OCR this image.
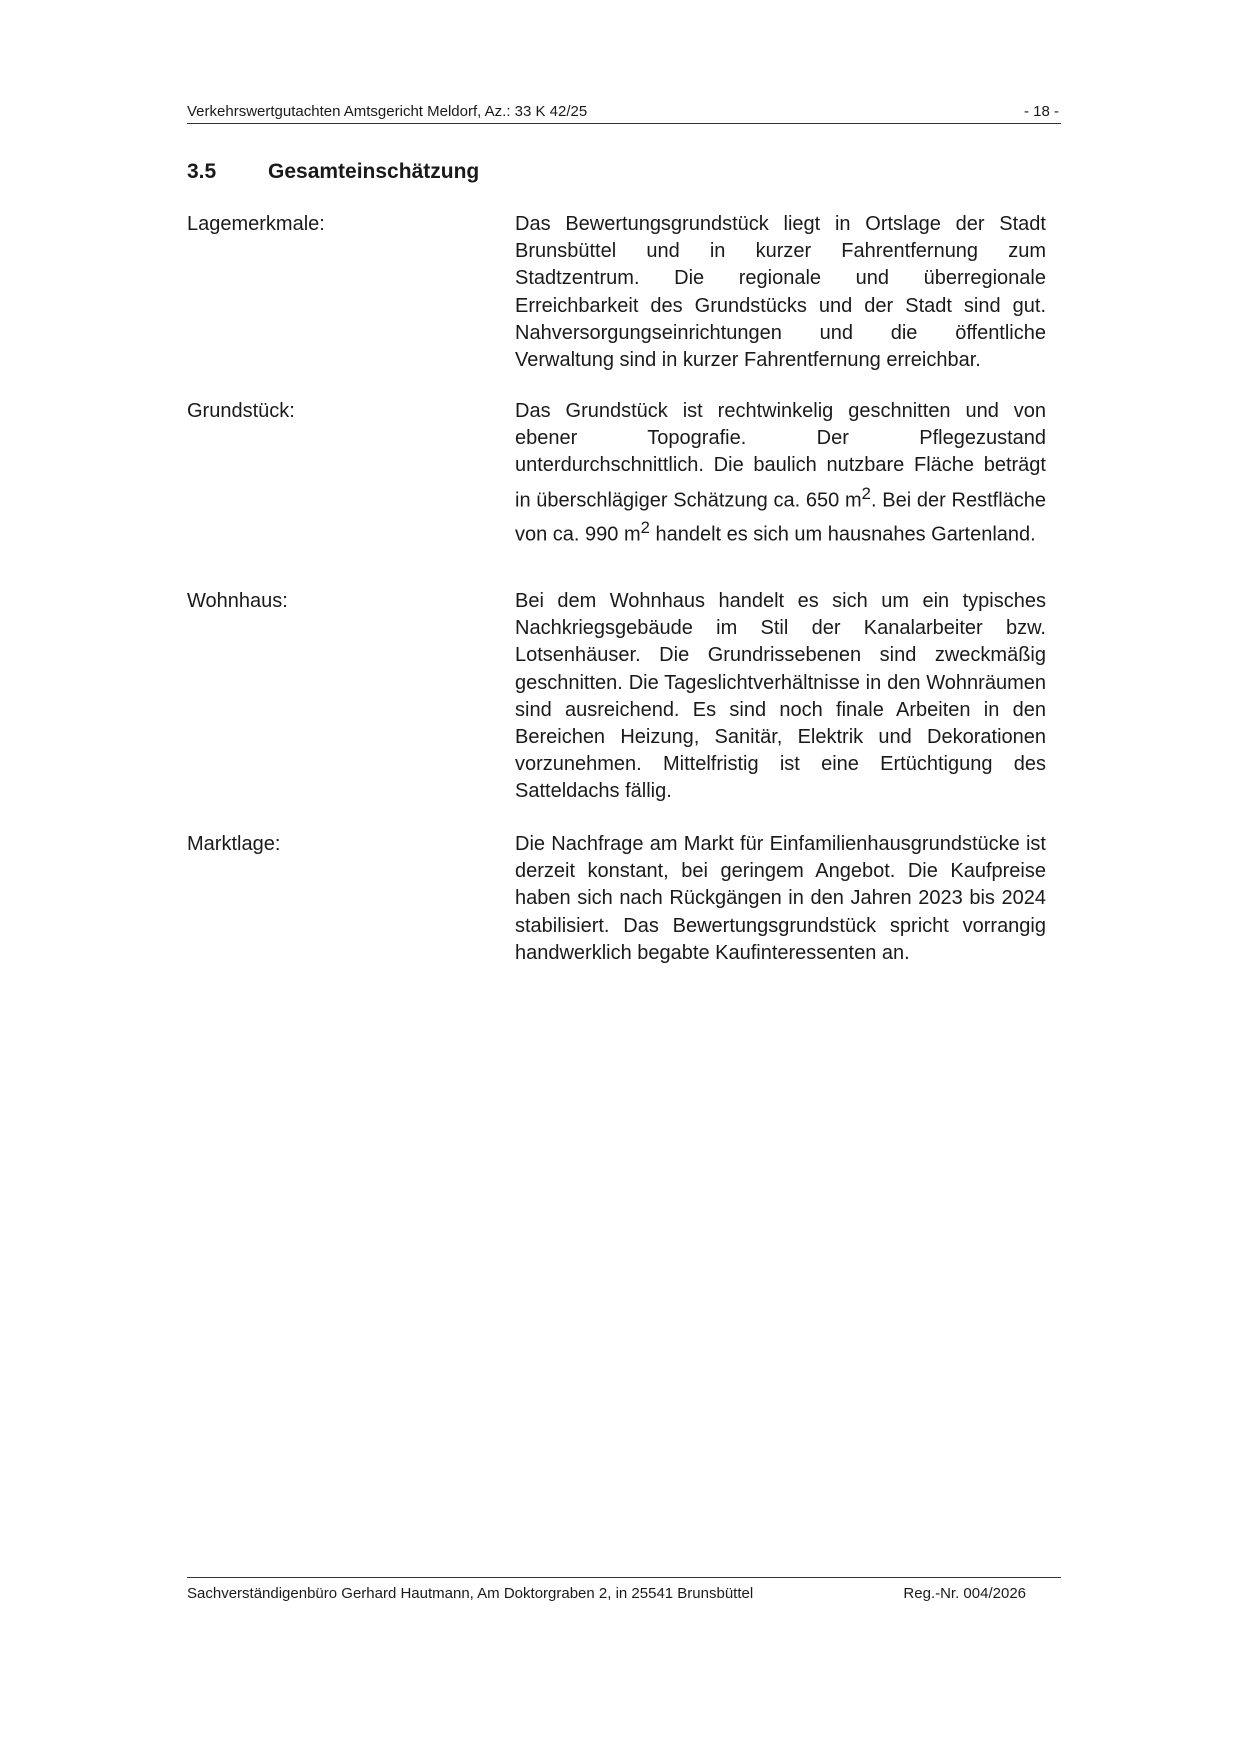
Verkehrswertgutachten Amtsgericht Meldorf, Az.: 33 K 42/25	- 18 -
3.5	Gesamteinschätzung
Lagemerkmale:	Das Bewertungsgrundstück liegt in Ortslage der Stadt Brunsbüttel und in kurzer Fahrentfernung zum Stadtzentrum. Die regionale und überregionale Erreichbarkeit des Grundstücks und der Stadt sind gut. Nahversorgungseinrichtungen und die öffentliche Verwaltung sind in kurzer Fahrentfernung erreichbar.
Grundstück:	Das Grundstück ist rechtwinkelig geschnitten und von ebener Topografie. Der Pflegezustand unterdurchschnittlich. Die baulich nutzbare Fläche beträgt in überschlägiger Schätzung ca. 650 $m^2$. Bei der Restfläche von ca. 990 $m^2$ handelt es sich um hausnahes Gartenland.
Wohnhaus:	Bei dem Wohnhaus handelt es sich um ein typisches Nachkriegsgebäude im Stil der Kanalarbeiter bzw. Lotsenhäuser. Die Grundrissebenen sind zweckmäßig geschnitten. Die Tageslichtverhältnisse in den Wohnräumen sind ausreichend. Es sind noch finale Arbeiten in den Bereichen Heizung, Sanitär, Elektrik und Dekorationen vorzunehmen. Mittelfristig ist eine Ertüchtigung des Satteldachs fällig.
Marktlage:	Die Nachfrage am Markt für Einfamilienhausgrundstücke ist derzeit konstant, bei geringem Angebot. Die Kaufpreise haben sich nach Rückgängen in den Jahren 2023 bis 2024 stabilisiert. Das Bewertungsgrundstück spricht vorrangig handwerklich begabte Kaufinteressenten an.
Sachverständigenbüro Gerhard Hautmann, Am Doktorgraben 2, in 25541 Brunsbüttel	Reg.-Nr. 004/2026
